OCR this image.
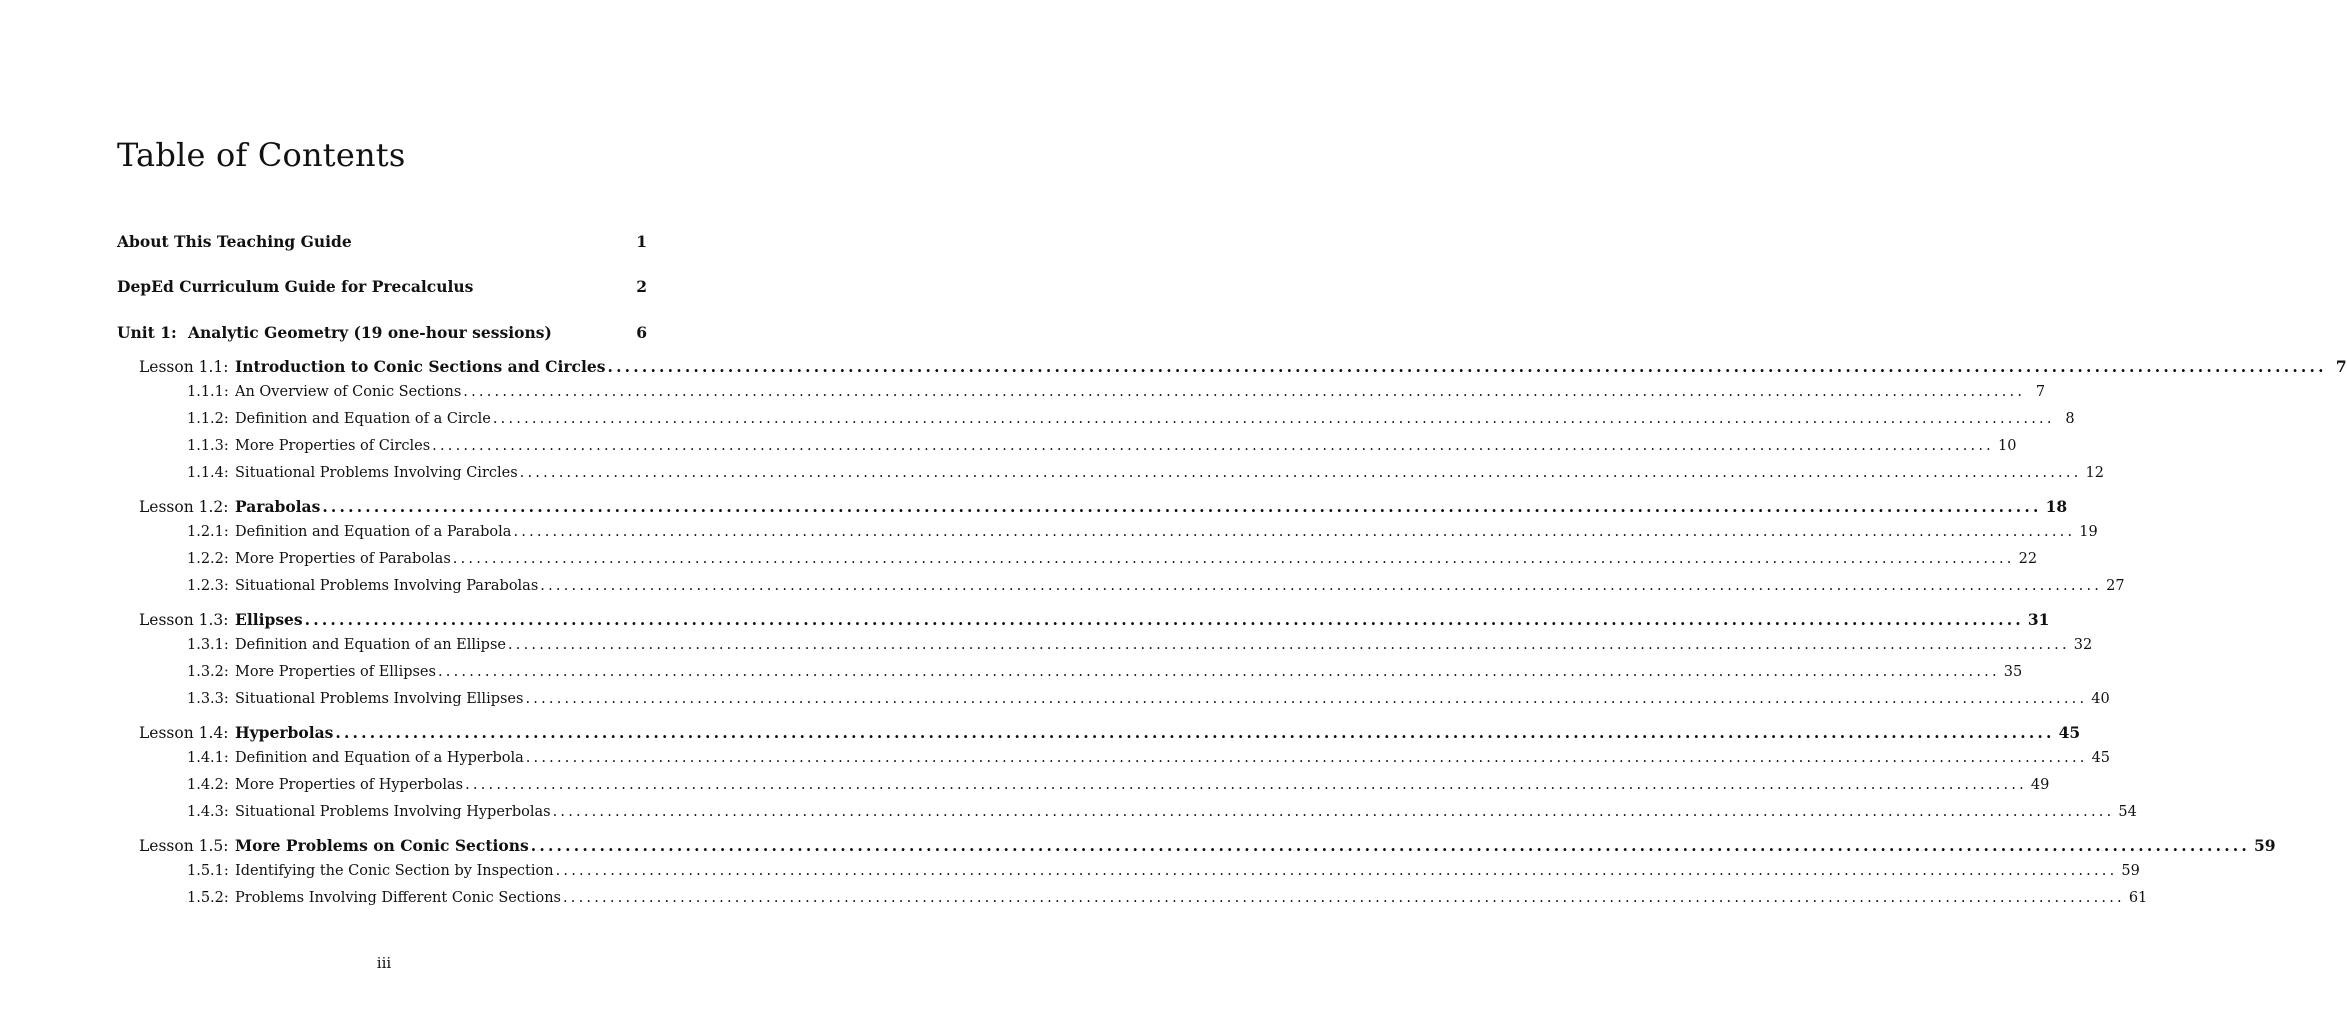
Table of Contents
About This Teaching Guide	1
DepEd Curriculum Guide for Precalculus	2
Unit 1: Analytic Geometry (19 one-hour sessions)	6
Lesson 1.1: Introduction to Conic Sections and Circles ........................................................................................................................................................................................................ 7
1.1.1: An Overview of Conic Sections ........................................................................................................................................................................................................ 7
1.1.2: Definition and Equation of a Circle ........................................................................................................................................................................................................ 8
1.1.3: More Properties of Circles ........................................................................................................................................................................................................ 10
1.1.4: Situational Problems Involving Circles ........................................................................................................................................................................................................ 12
Lesson 1.2: Parabolas ........................................................................................................................................................................................................ 18
1.2.1: Definition and Equation of a Parabola ........................................................................................................................................................................................................ 19
1.2.2: More Properties of Parabolas ........................................................................................................................................................................................................ 22
1.2.3: Situational Problems Involving Parabolas ........................................................................................................................................................................................................ 27
Lesson 1.3: Ellipses ........................................................................................................................................................................................................ 31
1.3.1: Definition and Equation of an Ellipse ........................................................................................................................................................................................................ 32
1.3.2: More Properties of Ellipses ........................................................................................................................................................................................................ 35
1.3.3: Situational Problems Involving Ellipses ........................................................................................................................................................................................................ 40
Lesson 1.4: Hyperbolas ........................................................................................................................................................................................................ 45
1.4.1: Definition and Equation of a Hyperbola ........................................................................................................................................................................................................ 45
1.4.2: More Properties of Hyperbolas ........................................................................................................................................................................................................ 49
1.4.3: Situational Problems Involving Hyperbolas ........................................................................................................................................................................................................ 54
Lesson 1.5: More Problems on Conic Sections ........................................................................................................................................................................................................ 59
1.5.1: Identifying the Conic Section by Inspection ........................................................................................................................................................................................................ 59
1.5.2: Problems Involving Different Conic Sections ........................................................................................................................................................................................................ 61
iii
